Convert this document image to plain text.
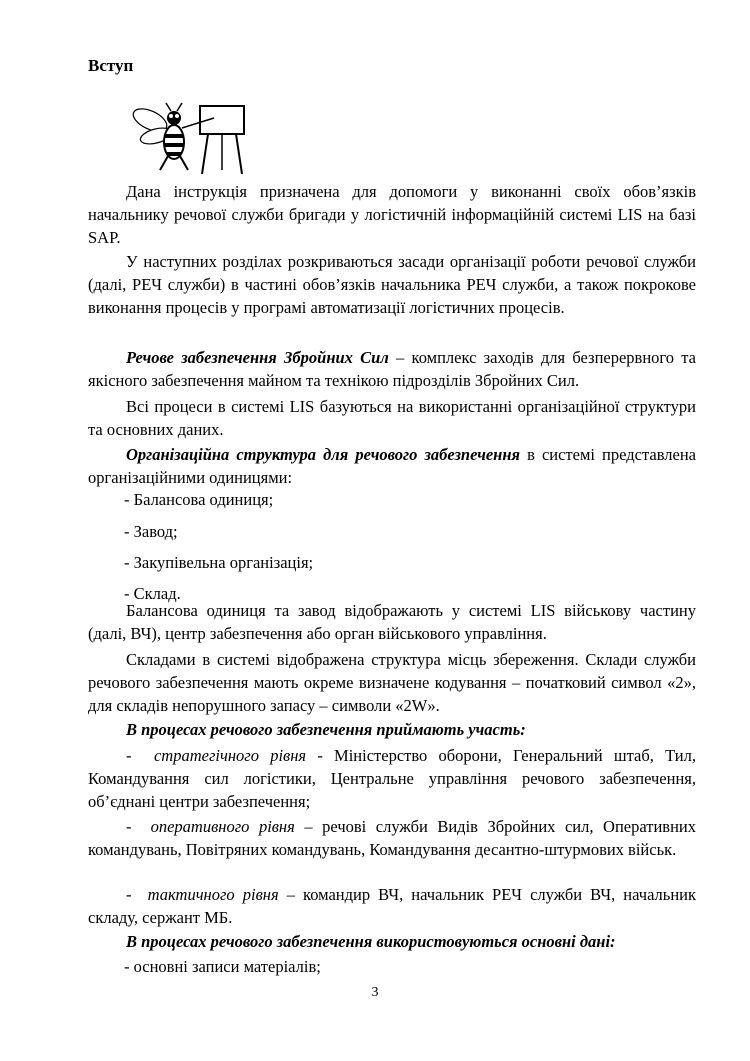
Вступ

Дана інструкція призначена для допомоги у виконанні своїх обов’язків начальнику речової служби бригади у логістичній інформаційній системі LIS на базі SAP.

У наступних розділах розкриваються засади організації роботи речової служби (далі, РЕЧ служби) в частині обов’язків начальника РЕЧ служби, а також покрокове виконання процесів у програмі автоматизації логістичних процесів.

Речове забезпечення Збройних Сил – комплекс заходів для безперервного та якісного забезпечення майном та технікою підрозділів Збройних Сил.

Всі процеси в системі LIS базуються на використанні організаційної структури та основних даних.

Організаційна структура для речового забезпечення в системі представлена організаційними одиницями:

- Балансова одиниця;

- Завод;

- Закупівельна організація;

- Склад.

Балансова одиниця та завод відображають у системі LIS військову частину (далі, ВЧ), центр забезпечення або орган військового управління.

Складами в системі відображена структура місць збереження. Склади служби речового забезпечення мають окреме визначене кодування – початковий символ «2», для складів непорушного запасу – символи «2W».

В процесах речового забезпечення приймають участь:

-  стратегічного рівня - Міністерство оборони, Генеральний штаб, Тил, Командування сил логістики, Центральне управління речового забезпечення, об’єднані центри забезпечення;

-  оперативного рівня – речові служби Видів Збройних сил, Оперативних командувань, Повітряних командувань, Командування десантно-штурмових військ.

-  тактичного рівня – командир ВЧ, начальник РЕЧ служби ВЧ, начальник складу, сержант МБ.

В процесах речового забезпечення використовуються основні дані:

- основні записи матеріалів;

3
